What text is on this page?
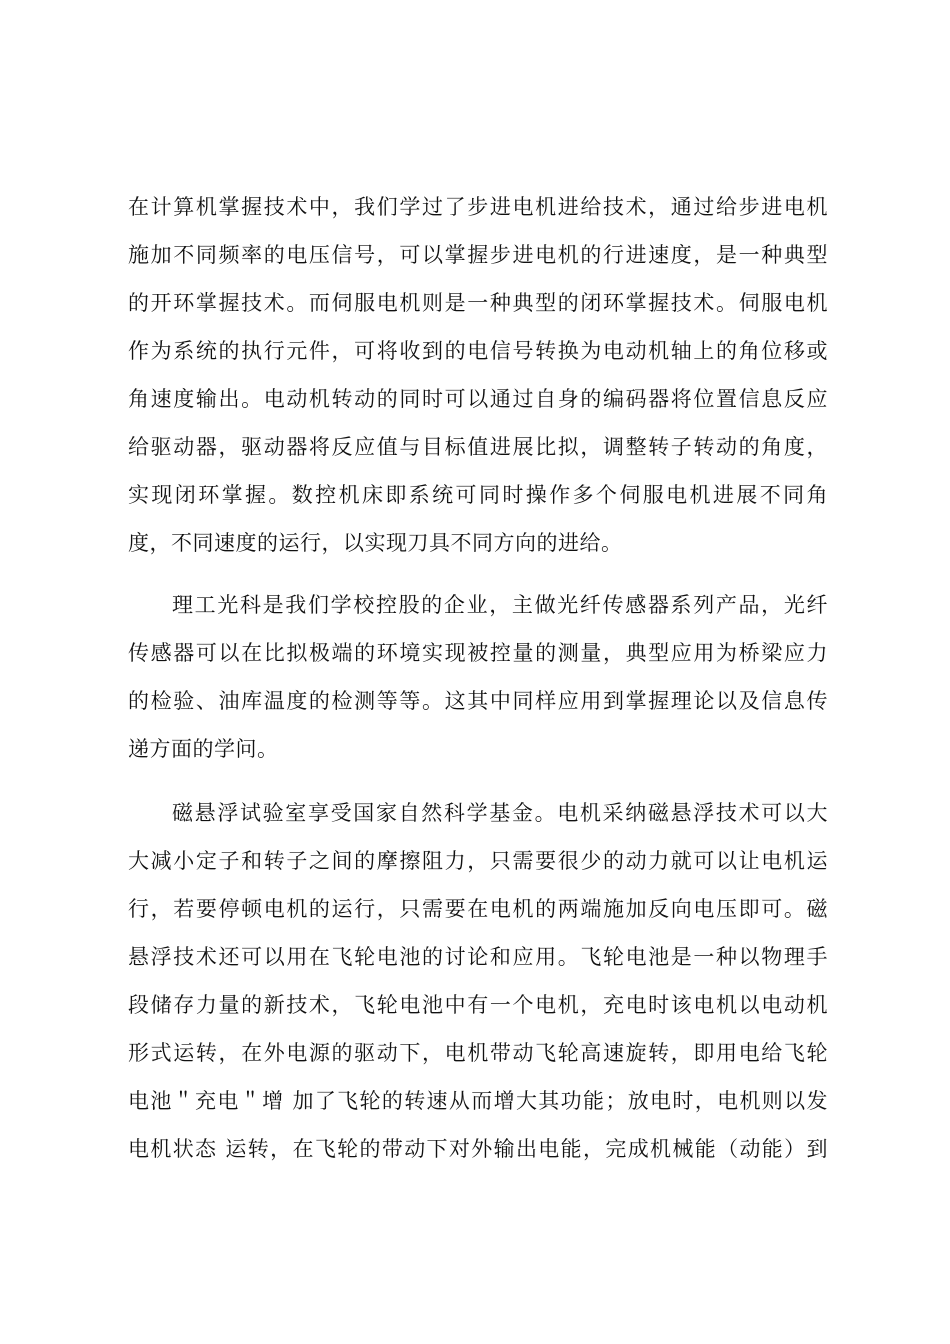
在计算机掌握技术中，我们学过了步进电机进给技术，通过给步进电机
施加不同频率的电压信号，可以掌握步进电机的行进速度，是一种典型
的开环掌握技术。而伺服电机则是一种典型的闭环掌握技术。伺服电机
作为系统的执行元件，可将收到的电信号转换为电动机轴上的角位移或
角速度输出。电动机转动的同时可以通过自身的编码器将位置信息反应
给驱动器，驱动器将反应值与目标值进展比拟，调整转子转动的角度，
实现闭环掌握。数控机床即系统可同时操作多个伺服电机进展不同角
度，不同速度的运行，以实现刀具不同方向的进给。
理工光科是我们学校控股的企业，主做光纤传感器系列产品，光纤
传感器可以在比拟极端的环境实现被控量的测量，典型应用为桥梁应力
的检验、油库温度的检测等等。这其中同样应用到掌握理论以及信息传
递方面的学问。
磁悬浮试验室享受国家自然科学基金。电机采纳磁悬浮技术可以大
大减小定子和转子之间的摩擦阻力，只需要很少的动力就可以让电机运
行，若要停顿电机的运行，只需要在电机的两端施加反向电压即可。磁
悬浮技术还可以用在飞轮电池的讨论和应用。飞轮电池是一种以物理手
段储存力量的新技术，飞轮电池中有一个电机，充电时该电机以电动机
形式运转，在外电源的驱动下，电机带动飞轮高速旋转，即用电给飞轮
电池＂充电＂增 加了飞轮的转速从而增大其功能；放电时，电机则以发
电机状态 运转，在飞轮的带动下对外输出电能，完成机械能（动能）到
